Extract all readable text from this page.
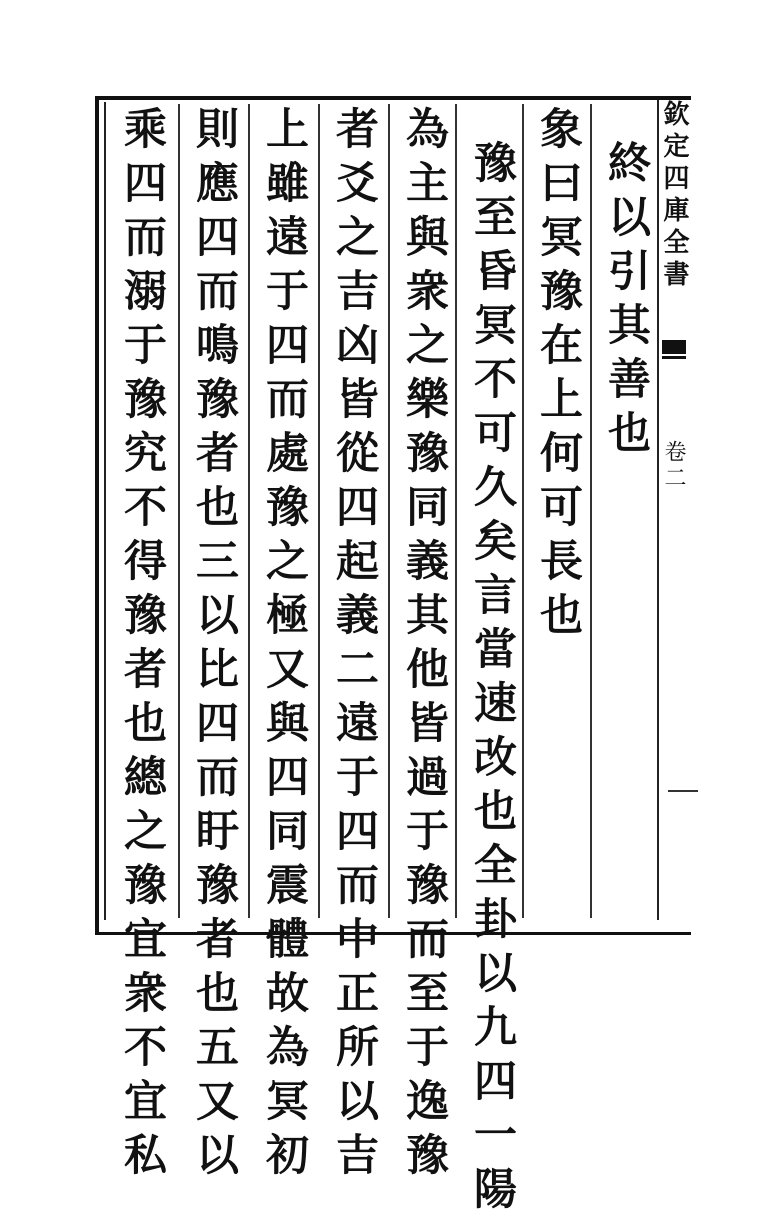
欽定四庫全書
卷二
終以引其善也
象曰冥豫在上何可長也
豫至昏冥不可久矣言當速改也全卦以九四一陽
為主與衆之樂豫同義其他皆過于豫而至于逸豫
者爻之吉凶皆從四起義二遠于四而中正所以吉
上雖遠于四而處豫之極又與四同震體故為冥初
則應四而鳴豫者也三以比四而盱豫者也五又以
乘四而溺于豫究不得豫者也總之豫宜衆不宜私
